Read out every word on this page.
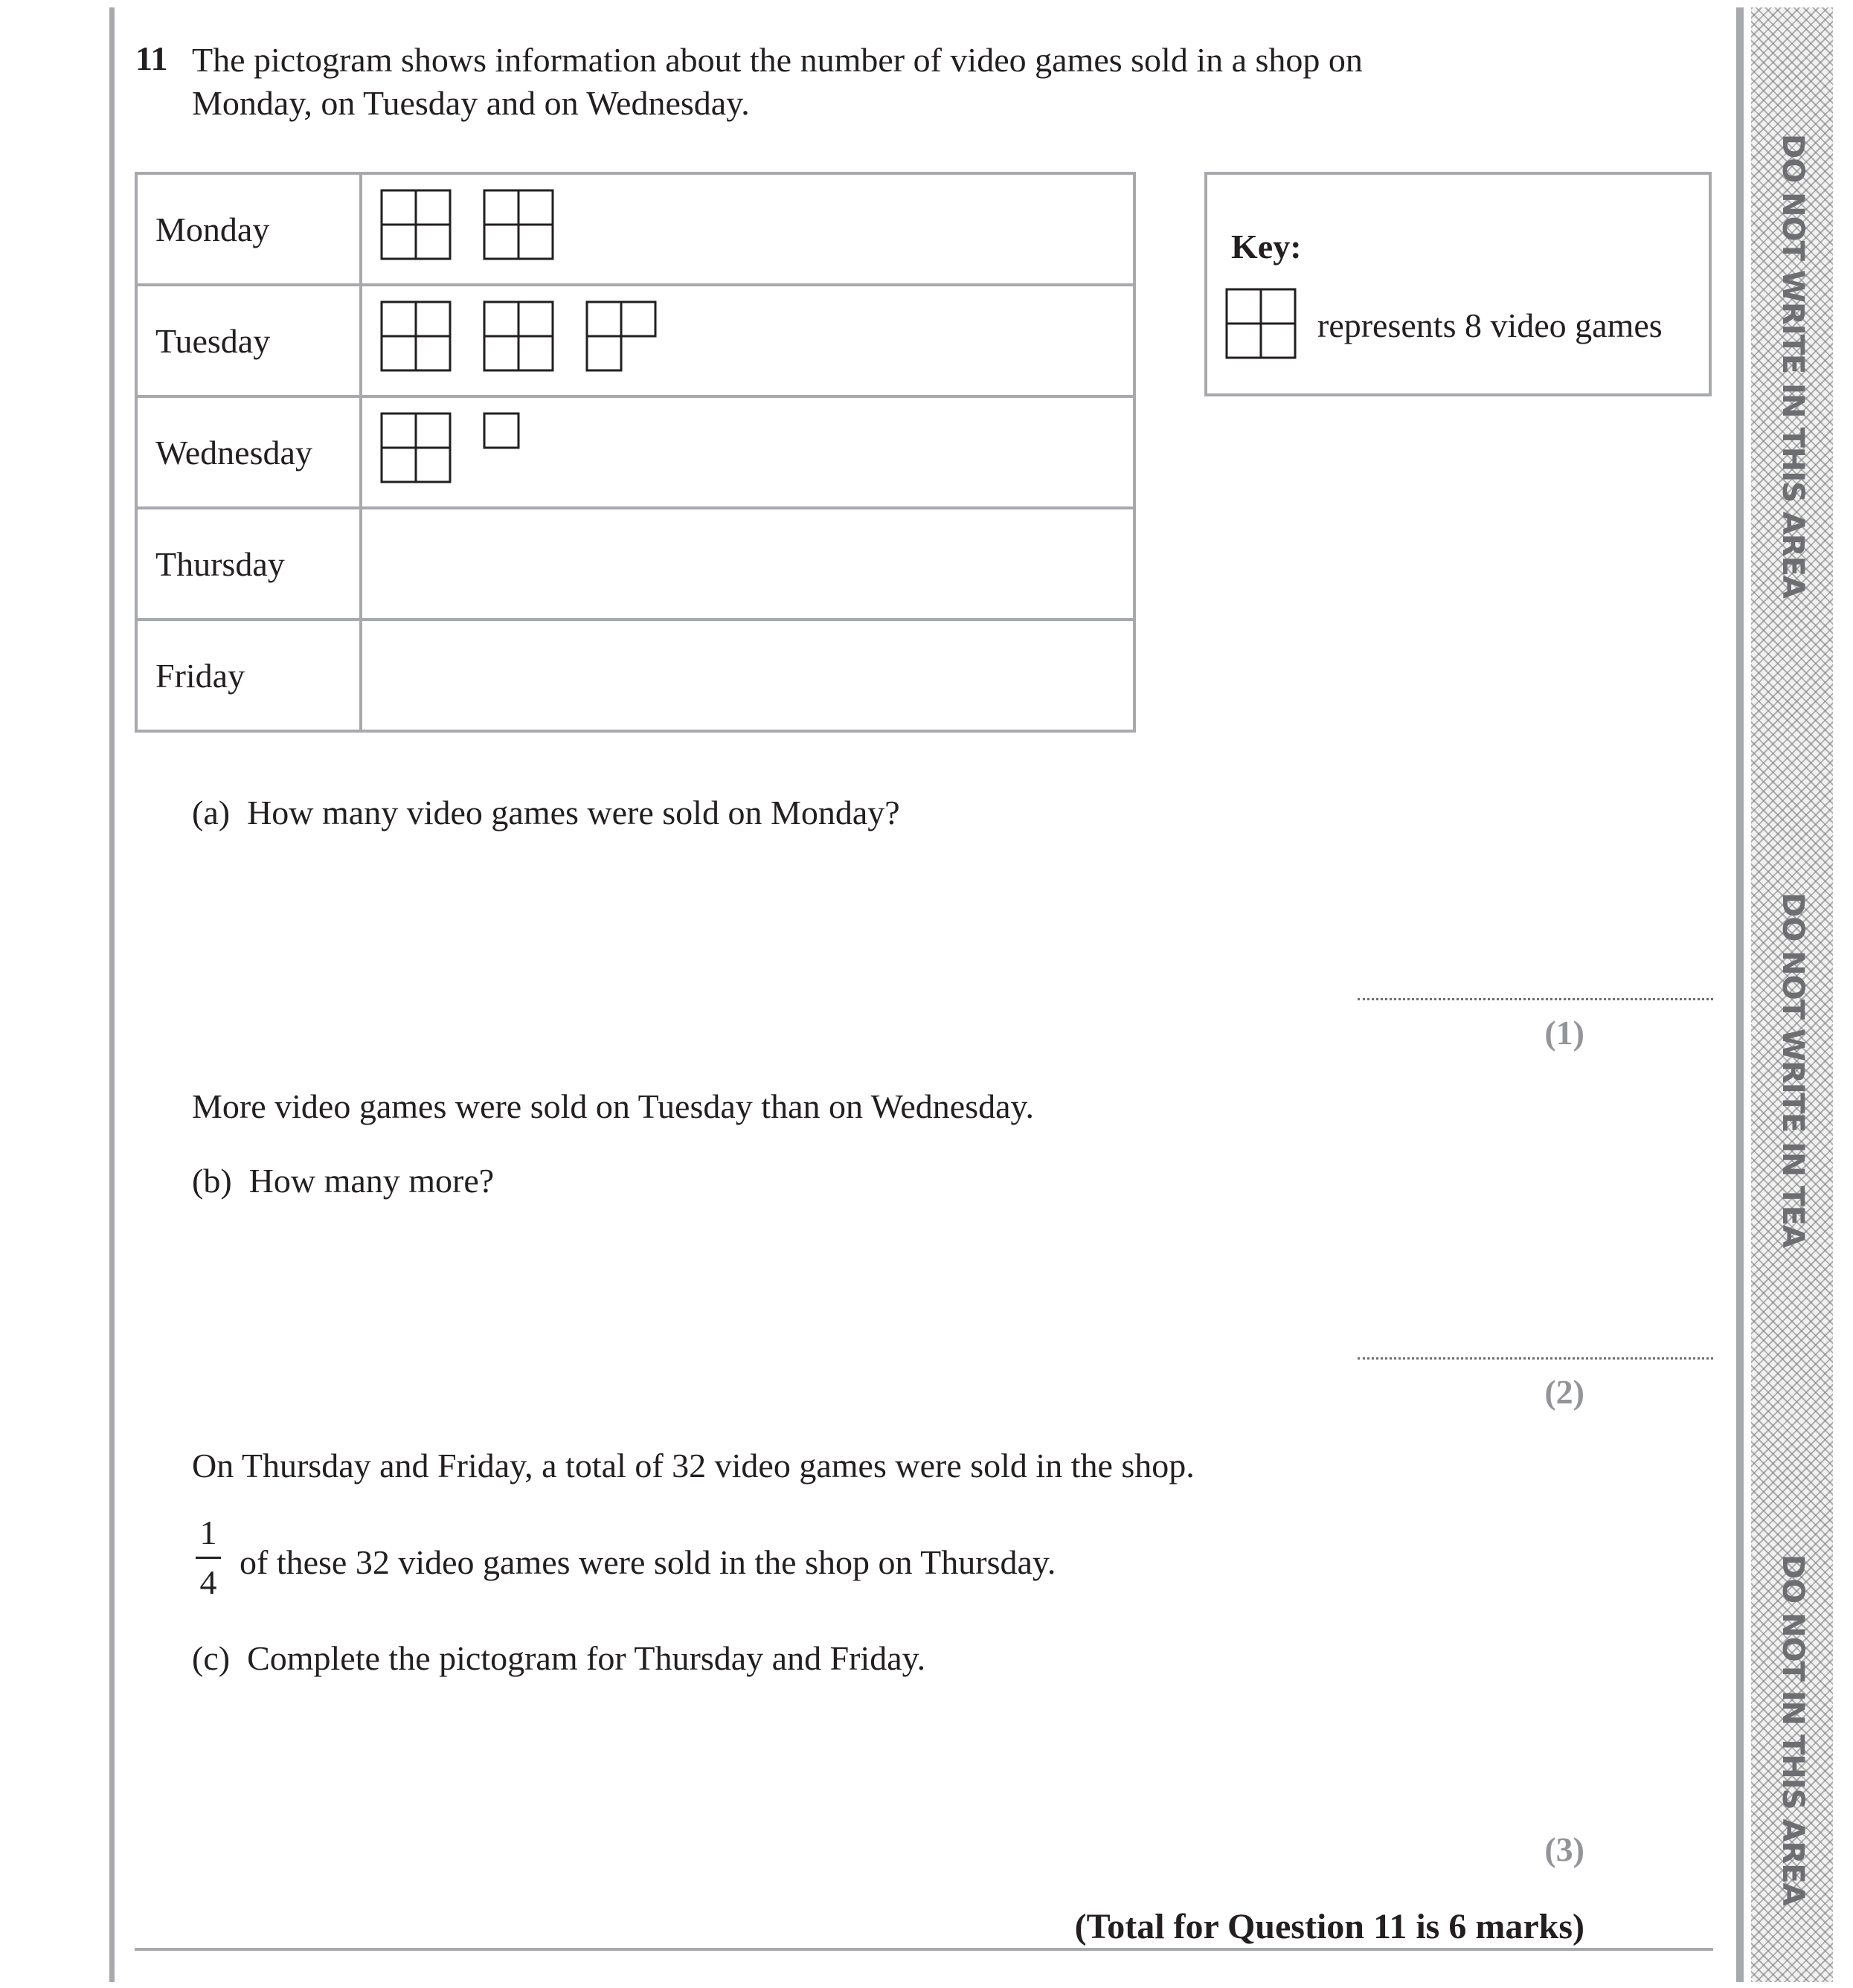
DO NOT WRITE IN THIS AREA
DO NOT WRITE IN TEA
DO NOT IN THIS AREA
11 The pictogram shows information about the number of video games sold in a shop on
Monday, on Tuesday and on Wednesday.
Monday	

Tuesday	

Wednesday	

Thursday	
Friday	
Key:
represents 8 video games
(a) How many video games were sold on Monday?
(1)
More video games were sold on Tuesday than on Wednesday.
(b) How many more?
(2)
On Thursday and Friday, a total of 32 video games were sold in the shop.
1
4
of these 32 video games were sold in the shop on Thursday.
(c) Complete the pictogram for Thursday and Friday.
(3)
(Total for Question 11 is 6 marks)
